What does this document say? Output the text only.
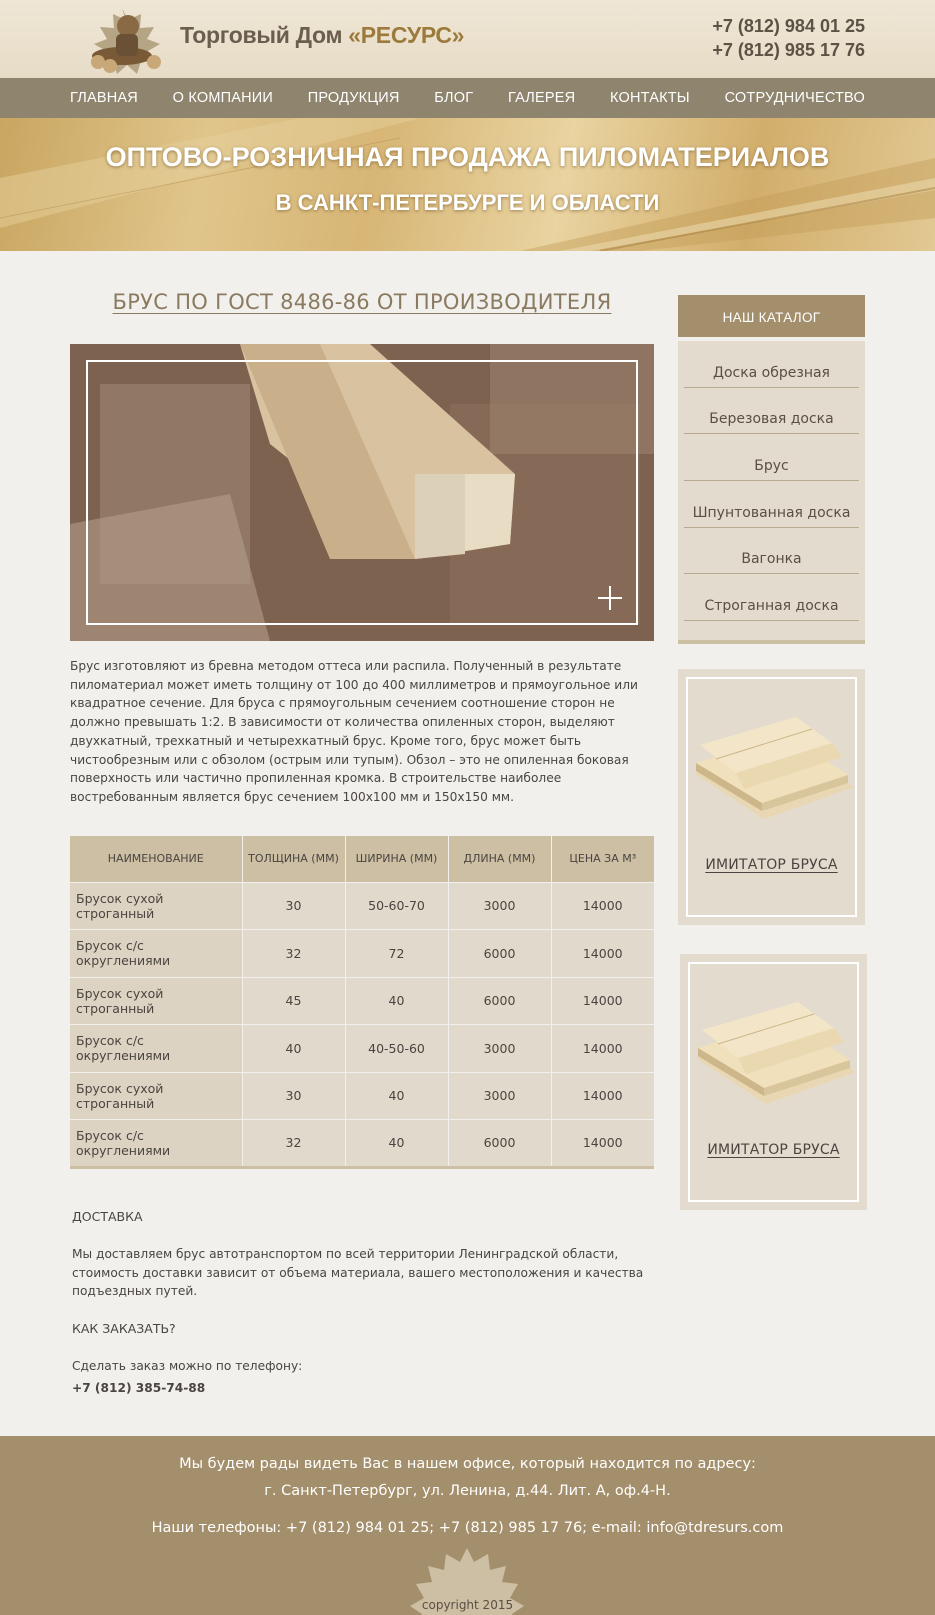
Торговый Дом «РЕСУРС»	+7 (812) 984 01 25
+7 (812) 985 17 76
ГЛАВНАЯ О КОМПАНИИ ПРОДУКЦИЯ БЛОГ ГАЛЕРЕЯ КОНТАКТЫ СОТРУДНИЧЕСТВО
ОПТОВО-РОЗНИЧНАЯ ПРОДАЖА ПИЛОМАТЕРИАЛОВ
В САНКТ-ПЕТЕРБУРГЕ И ОБЛАСТИ
БРУС ПО ГОСТ 8486-86 ОТ ПРОИЗВОДИТЕЛЯ
Брус изготовляют из бревна методом оттеса или распила. Полученный в результате пиломатериал может иметь толщину от 100 до 400 миллиметров и прямоугольное или квадратное сечение. Для бруса с прямоугольным сечением соотношение сторон не должно превышать 1:2. В зависимости от количества опиленных сторон, выделяют двухкатный, трехкатный и четырехкатный брус. Кроме того, брус может быть чистообрезным или с обзолом (острым или тупым). Обзол – это не опиленная боковая поверхность или частично пропиленная кромка. В строительстве наиболее востребованным является брус сечением 100x100 мм и 150x150 мм.
НАИМЕНОВАНИЕ	ТОЛЩИНА (ММ)	ШИРИНА (ММ)	ДЛИНА (ММ)	ЦЕНА ЗА М³
Брусок сухой строганный	30	50-60-70	3000	14000
Брусок с/с округлениями	32	72	6000	14000
Брусок сухой строганный	45	40	6000	14000
Брусок с/с округлениями	40	40-50-60	3000	14000
Брусок сухой строганный	30	40	3000	14000
Брусок с/с округлениями	32	40	6000	14000
ДОСТАВКА
Мы доставляем брус автотранспортом по всей территории Ленинградской области, стоимость доставки зависит от объема материала, вашего местоположения и качества подъездных путей.
КАК ЗАКАЗАТЬ?
Сделать заказ можно по телефону:
+7 (812) 385-74-88
НАШ КАТАЛОГ
Доска обрезная
Березовая доска
Брус
Шпунтованная доска
Вагонка
Строганная доска
ИМИТАТОР БРУСА
ИМИТАТОР БРУСА
Мы будем рады видеть Вас в нашем офисе, который находится по адресу:
г. Санкт-Петербург, ул. Ленина, д.44. Лит. А, оф.4-Н.
Наши телефоны: +7 (812) 984 01 25; +7 (812) 985 17 76; e-mail: info@tdresurs.com
copyright 2015
